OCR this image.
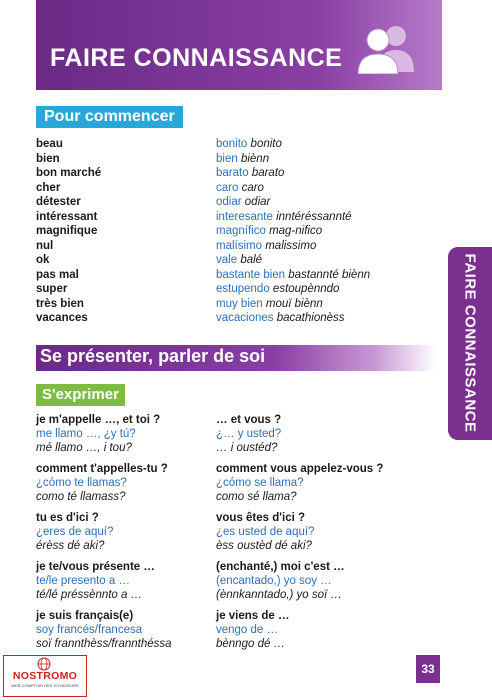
FAIRE CONNAISSANCE
FAIRE CONNAISSANCE
Pour commencer
beau
bien
bon marché
cher
détester
intéressant
magnifique
nul
ok
pas mal
super
très bien
vacances
bonito bonito
bien biènn
barato barato
caro caro
odiar odiar
interesante inntéréssannté
magnífico mag-nifico
malísimo malissimo
vale balé
bastante bien bastannté biènn
estupendo estoupènndo
muy bien mouï biènn
vacaciones bacathionèss
Se présenter, parler de soi
S'exprimer
je m'appelle …, et toi ?
me llamo …, ¿y tú?
mé llamo …, i tou?
comment t'appelles-tu ?
¿cómo te llamas?
como té llamass?
tu es d'ici ?
¿eres de aquí?
érèss dé aki?
je te/vous présente …
te/le presento a …
té/lé préssènnto a …
je suis français(e)
soy francés/francesa
soï frannthèss/frannthéssa
… et vous ?
¿… y usted?
… i oustéd?
comment vous appelez-vous ?
¿cómo se llama?
como sé llama?
vous êtes d'ici ?
¿es usted de aquí?
èss oustèd dé aki?
(enchanté,) moi c'est …
(encantado,) yo soy …
(ènnkanntado,) yo soï …
je viens de …
vengo de …
bènngo dé …
33
NOSTROMO
WEB COMPTOIR DES VOYAGEURS
